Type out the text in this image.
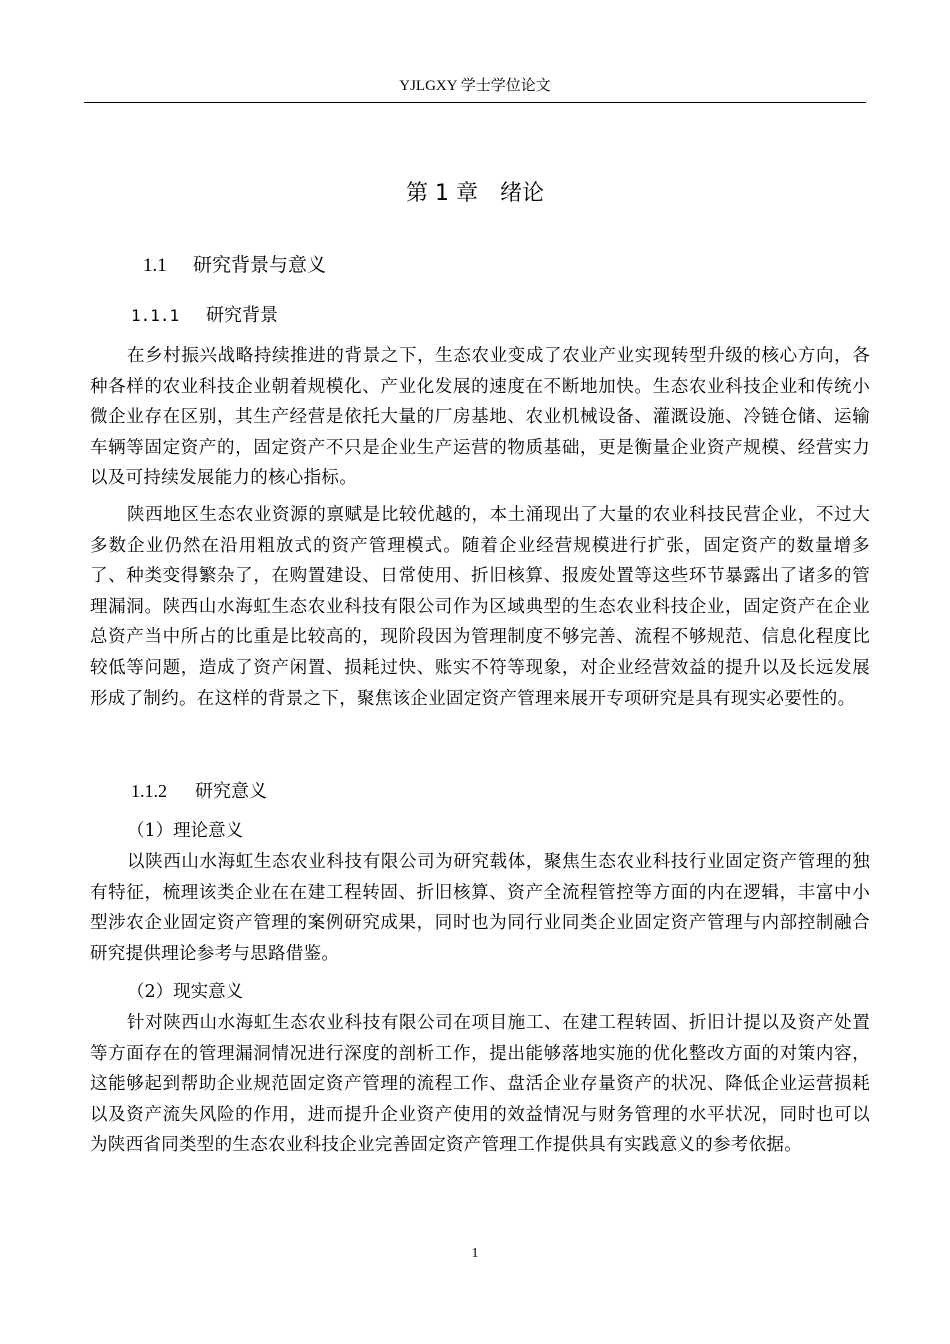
YJLGXY 学士学位论文
第 1 章　绪论
1.1 研究背景与意义
1.1.1 研究背景

在乡村振兴战略持续推进的背景之下，生态农业变成了农业产业实现转型升级的核心方向，各种各样的农业科技企业朝着规模化、产业化发展的速度在不断地加快。生态农业科技企业和传统小微企业存在区别，其生产经营是依托大量的厂房基地、农业机械设备、灌溉设施、冷链仓储、运输车辆等固定资产的，固定资产不只是企业生产运营的物质基础，更是衡量企业资产规模、经营实力以及可持续发展能力的核心指标。

陕西地区生态农业资源的禀赋是比较优越的，本土涌现出了大量的农业科技民营企业，不过大多数企业仍然在沿用粗放式的资产管理模式。随着企业经营规模进行扩张，固定资产的数量增多了、种类变得繁杂了，在购置建设、日常使用、折旧核算、报废处置等这些环节暴露出了诸多的管理漏洞。陕西山水海虹生态农业科技有限公司作为区域典型的生态农业科技企业，固定资产在企业总资产当中所占的比重是比较高的，现阶段因为管理制度不够完善、流程不够规范、信息化程度比较低等问题，造成了资产闲置、损耗过快、账实不符等现象，对企业经营效益的提升以及长远发展形成了制约。在这样的背景之下，聚焦该企业固定资产管理来展开专项研究是具有现实必要性的。

1.1.2 研究意义

（1）理论意义

以陕西山水海虹生态农业科技有限公司为研究载体，聚焦生态农业科技行业固定资产管理的独有特征，梳理该类企业在在建工程转固、折旧核算、资产全流程管控等方面的内在逻辑，丰富中小型涉农企业固定资产管理的案例研究成果，同时也为同行业同类企业固定资产管理与内部控制融合研究提供理论参考与思路借鉴。

（2）现实意义

针对陕西山水海虹生态农业科技有限公司在项目施工、在建工程转固、折旧计提以及资产处置等方面存在的管理漏洞情况进行深度的剖析工作，提出能够落地实施的优化整改方面的对策内容，这能够起到帮助企业规范固定资产管理的流程工作、盘活企业存量资产的状况、降低企业运营损耗以及资产流失风险的作用，进而提升企业资产使用的效益情况与财务管理的水平状况，同时也可以为陕西省同类型的生态农业科技企业完善固定资产管理工作提供具有实践意义的参考依据。

1
